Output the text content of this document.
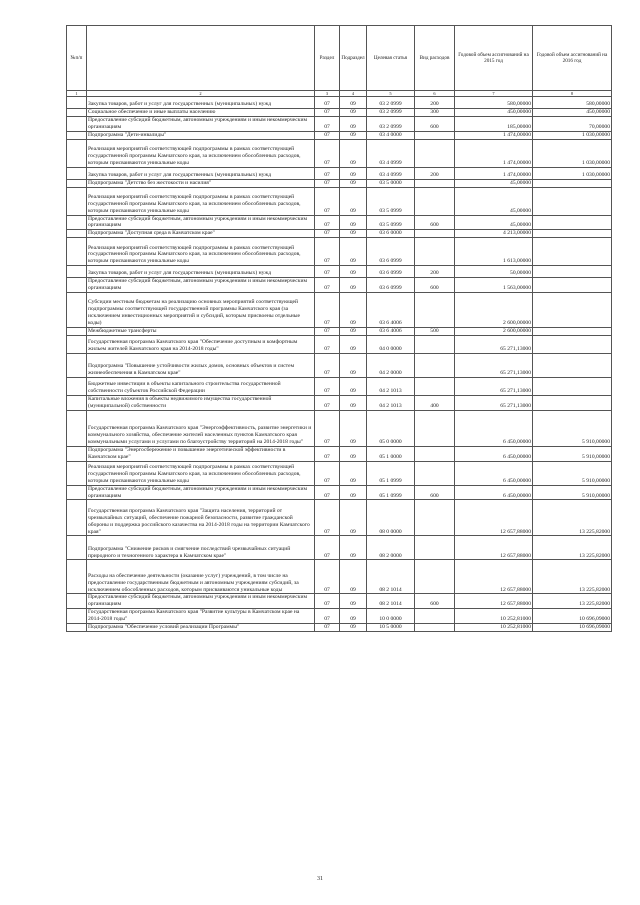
№п/п		Раздел	Подраздел	Целевая статья	Вид расходов	Годовой объем ассигнований на 2015 год	Годовой объем ассигнований на 2016 год
1	2	3	4	5	6	7	8
	Закупка товаров, работ и услуг для государственных (муниципальных) нужд	07	09	03 2 0999	200	580,00000	580,00000
	Социальное обеспечение и иные выплаты населению	07	09	03 2 0999	300	450,00000	450,00000
	Предоставление субсидий бюджетным, автономным учреждениям и иным некоммерческим организациям	07	09	03 2 0999	600	185,00000	70,00000
	Подпрограмма "Дети-инвалиды"	07	09	03 4 0000		1 474,00000	1 030,00000
	Реализация мероприятий соответствующей подпрограммы в рамках соответствующей государственной программы Камчатского края, за исключением обособленных расходов, которым присваиваются уникальные коды	07	09	03 4 0999		1 474,00000	1 030,00000
	Закупка товаров, работ и услуг для государственных (муниципальных) нужд	07	09	03 4 0999	200	1 474,00000	1 030,00000
	Подпрограмма "Детство без жестокости и насилия"	07	09	03 5 0000		45,00000	
	Реализация мероприятий соответствующей подпрограммы в рамках соответствующей государственной программы Камчатского края, за исключением обособленных расходов, которым присваиваются уникальные коды	07	09	03 5 0999		45,00000	
	Предоставление субсидий бюджетным, автономным учреждениям и иным некоммерческим организациям	07	09	03 5 0999	600	45,00000	
	Подпрограмма "Доступная среда в Камчатском крае"	07	09	03 6 0000		4 213,00000	
	Реализация мероприятий соответствующей подпрограммы в рамках соответствующей государственной программы Камчатского края, за исключением обособленных расходов, которым присваиваются уникальные коды	07	09	03 6 0999		1 613,00000	
	Закупка товаров, работ и услуг для государственных (муниципальных) нужд	07	09	03 6 0999	200	50,00000	
	Предоставление субсидий бюджетным, автономным учреждениям и иным некоммерческим организациям	07	09	03 6 0999	600	1 563,00000	
	Субсидии местным бюджетам на реализацию основных мероприятий соответствующей подпрограммы соответствующей государственной программы Камчатского края (за исключением инвестиционных мероприятий и субсидий, которым присвоены отдельные коды)	07	09	03 6 4006		2 600,00000	
	Межбюджетные трансферты	07	09	03 6 4006	500	2 600,00000	
	Государственная программа Камчатского края "Обеспечение доступным и комфортным жильем жителей Камчатского края на 2014-2018 годы"	07	09	04 0 0000		65 271,13000	
	Подпрограмма "Повышение устойчивости жилых домов, основных объектов и систем жизнеобеспечения в Камчатском крае"	07	09	04 2 0000		65 271,13000	
	Бюджетные инвестиции в объекты капитального строительства государственной собственности субъектов Российской Федерации	07	09	04 2 1013		65 271,13000	
	Капитальные вложения в объекты недвижимого имущества государственной (муниципальной) собственности	07	09	04 2 1013	400	65 271,13000	
	Государственная программа Камчатского края "Энергоэффективность, развитие энергетики и коммунального хозяйства, обеспечение жителей населенных пунктов Камчатского края коммунальными услугами и услугами по благоустройству территорий на 2014-2018 годы"	07	09	05 0 0000		6 450,00000	5 910,00000
	Подпрограмма "Энергосбережение и повышение энергетической эффективности в Камчатском крае"	07	09	05 1 0000		6 450,00000	5 910,00000
	Реализация мероприятий соответствующей подпрограммы в рамках соответствующей государственной программы Камчатского края, за исключением обособленных расходов, которым присваиваются уникальные коды	07	09	05 1 0999		6 450,00000	5 910,00000
	Предоставление субсидий бюджетным, автономным учреждениям и иным некоммерческим организациям	07	09	05 1 0999	600	6 450,00000	5 910,00000
	Государственная программа Камчатского края "Защита населения, территорий от чрезвычайных ситуаций, обеспечение пожарной безопасности, развитие гражданской обороны и поддержка российского казачества на 2014-2018 годы на территории Камчатского края"	07	09	08 0 0000		12 657,88000	13 225,82000
	Подпрограмма "Снижение рисков и смягчение последствий чрезвычайных ситуаций природного и техногенного характера в Камчатском крае"	07	09	08 2 0000		12 657,88000	13 225,82000
	Расходы на обеспечение деятельности (оказание услуг) учреждений, в том числе на предоставление государственным бюджетным и автономным учреждениям субсидий, за исключением обособленных расходов, которым присваиваются уникальные коды	07	09	08 2 1014		12 657,88000	13 225,82000
	Предоставление субсидий бюджетным, автономным учреждениям и иным некоммерческим организациям	07	09	08 2 1014	600	12 657,88000	13 225,82000
	Государственная программа Камчатского края "Развитие культуры в Камчатском крае на 2014-2018 годы"	07	09	10 0 0000		10 252,81000	10 696,09000
	Подпрограмма "Обеспечение условий реализации Программы"	07	09	10 5 0000		10 252,81000	10 696,09000
31
